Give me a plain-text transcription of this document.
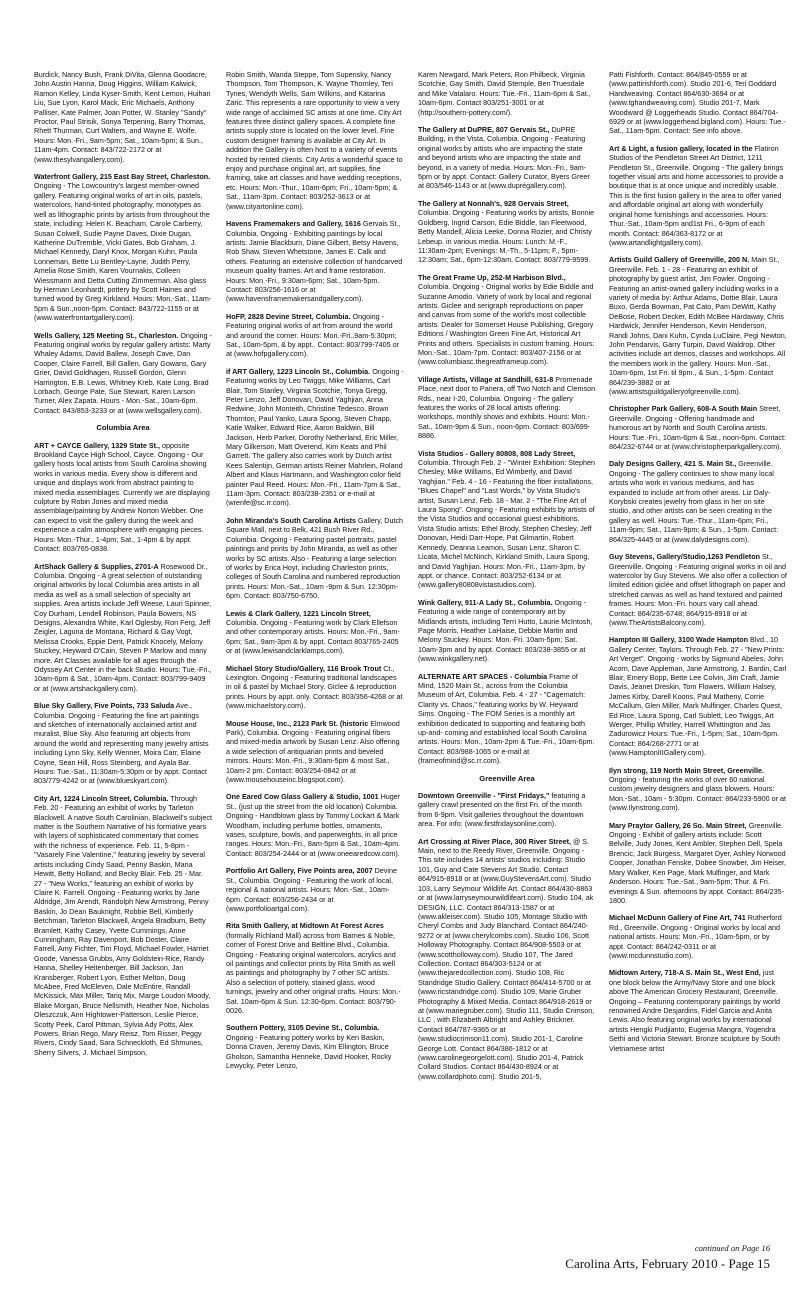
Burdick, Nancy Bush, Frank DiVita, Glenna Goodacre, John Austin Hanna, Doug Higgins, William Kalwick, Ramon Kelley, Linda Kyser-Smith, Kent Lemon, Huihan Liu, Sue Lyon, Karol Mack, Eric Michaels, Anthony Palliser, Kate Palmer, Joan Potter, W. Stanley "Sandy" Proctor, Paul Strisik, Sonya Terpening, Barry Thomas, Rhett Thurman, Curt Walters, and Wayne E. Wolfe. Hours: Mon.-Fri., 9am-5pm; Sat., 10am-5pm; & Sun., 11am-4pm. Contact: 843/722-2172 or at (www.thesylvangallery.com).
Waterfront Gallery, 215 East Bay Street, Charleston. Ongoing - The Lowcountry's largest member-owned gallery. Featuring original works of art in oils, pastels, watercolors, hand-tinted photography, monotypes as well as lithographic prints by artists from throughout the state, including: Helen K. Beacham, Carole Carberry, Susan Colwell, Sudie Payne Daves, Dixie Dugan, Katherine DuTremble, Vicki Gates, Bob Graham, J. Michael Kennedy, Daryl Knox, Morgan Kuhn, Paula Lonneman, Bette Lu Bentley-Layne, Judith Perry, Amelia Rose Smith, Karen Vournakis, Colleen Wiessmann and Detta Cutting Zimmerman. Also glass by Herman Leonhardt, pottery by Scott Haines and turned wood by Greg Kirkland. Hours: Mon.-Sat., 11am-5pm & Sun.,noon-5pm. Contact: 843/722-1155 or at (www.waterfrontartgallery.com).
Wells Gallery, 125 Meeting St., Charleston. Ongoing - Featuring original works by regular gallery artists: Marty Whaley Adams, David Ballew, Joseph Cave, Dan Cooper, Claire Farrell, Bill Gallen, Gary Gowans, Gary Grier, David Goldhagen, Russell Gordon, Glenn Harrington, E.B. Lewis, Whitney Kreb, Kate Long, Brad Lorbach, George Pate, Sue Stewart, Karen Larson Turner, Alex Zapata. Hours - Mon.-Sat., 10am-6pm. Contact: 843/853-3233 or at (www.wellsgallery.com).
Columbia Area
ART + CAYCE Gallery, 1329 State St., opposite Brookland Cayce High School, Cayce. Ongoing - Our gallery hosts local artists from South Carolina showing works in various media. Every show is different and unique and displays work from abstract painting to mixed media assemblages. Currently we are displaying culpture by Robin Jones and mixed media assemblage/painting by Andrew Norton Webber. One can expect to visit the gallery during the week and experience a calm atmosphere with engaging pieces. Hours: Mon.-Thur., 1-4pm; Sat., 1-4pm & by appt. Contact: 803/765-0838.
ArtShack Gallery & Supplies, 2701-A Rosewood Dr., Columbia. Ongoing - A great selection of outstanding original artworks by local Columbia area artists in all media as well as a small selection of specialty art supplies. Area artists include Jeff Weese, Lauri Spinner, Coy Durham, Lendell Robinson, Paula Bowers, NS Designs, Alexandra White, Karl Oglesby, Ron Ferg, Jeff Zeigler, Laguna de Montana, Richard & Gay Vogt, Melissa Crooks, Eppie Dent, Patrick Knocely, Melony Stuckey, Heyward O'Cain, Steven P Marlow and many more. Art Classes available for all ages through the Odyssey Art Center in the back Studio. Hours: Tue.-Fri., 10am-6pm & Sat., 10am-4pm. Contact: 803/799-9409 or at (www.artshackgallery.com).
Blue Sky Gallery, Five Points, 733 Saluda Ave., Columbia. Ongoing - Featuring the fine art paintings and sketches of internationally acclaimed artist and muralist, Blue Sky. Also featuring art objects from around the world and representing many jewelry artists including Lynn Sky, Kelly Wenner, Moira Carr, Elaine Coyne, Sean Hill, Ross Steinberg, and Ayala Bar. Hours: Tue.-Sat., 11:30am-5:30pm or by appt. Contact 803/779-4242 or at (www.blueskyart.com).
City Art, 1224 Lincoln Street, Columbia. Through Feb. 20 - Featuring an exhibit of works by Tarleton Blackwell. A native South Carolinian, Blackwell's subject matter is the Southern Narrative of his formative years with layers of sophisticated commentary that comes with the richness of experience. Feb. 11, 5-8pm - "Vasarely Fine Valentine," featuring jewelry by several artists including Cindy Saad, Penny Baskin, Mana Hewitt, Betty Holland, and Becky Blair. Feb. 25 - Mar. 27 - "New Works," featuring an exhibit of works by Claire K. Farrell. Ongoing - Featuring works by Jane Aldridge, Jim Arendt, Randolph New Armstrong, Penny Baskin, Jo Dean Bauknight, Robbie Bell, Kimberly Betchman, Tarleton Blackwell, Angela Bradburn, Betty Bramlett, Kathy Casey, Yvette Cummings, Anne Cunningham, Ray Davenport, Bob Doster, Claire Farrell, Amy Fichter, Tim Floyd, Michael Fowler, Harriet Goode, Vanessa Grubbs, Amy Goldstein-Rice, Randy Hanna, Shelley Heitenberger, Bill Jackson, Jan Kransberger, Robert Lyon, Esther Melton, Doug McAbee, Fred McEleven, Dale McEntire, Randall McKissick, Max Miller, Tariq Mix, Marge Loudon Moody, Blake Morgan, Bruce Nellsmith, Heather Noe, Nicholas Oleszczuk, Ann Hightower-Patterson, Leslie Pierce, Scotty Peek, Carol Pittman, Sylvia Ady Potts, Alex Powers, Brian Rego, Mary Reisz, Tom Risser, Peggy Rivers, Cindy Saad, Sara Schneckloth, Ed Shmunes, Sherry Silvers, J. Michael Simpson,
Robin Smith, Wanda Steppe, Tom Supensky, Nancy Thompson, Tom Thompson, K. Wayne Thornley, Teri Tynes, Wendyth Wells, Sam Wilkins, and Katarina Zaric. This represents a rare opportunity to view a very wide range of acclaimed SC artists at one time. City Art features three distinct gallery spaces. A complete fine artists supply store is located on the lower level. Fine custom designer framing is available at City Art. In addition the Gallery is often host to a variety of events hosted by rented clients. City Artis a wonderful space to enjoy and purchase original art, art supplies, fine framing, take art classes and have wedding receptions, etc. Hours: Mon.-Thur., 10am-6pm; Fri., 10am-5pm; & Sat., 11am-3pm. Contact: 803/252-3613 or at (www.cityartonline.com).
Havens Framemakers and Gallery, 1616 Gervais St., Columbia. Ongoing - Exhibiting paintings by local artists: Jamie Blackburn, Diane Gilbert, Betsy Havens, Rob Shaw, Steven Whetstone, James E. Calk and others. Featuring an extensive collection of handcarved museum quality frames. Art and frame restoration. Hours: Mon.-Fri., 9:30am-6pm; Sat., 10am-5pm. Contact: 803/256-1616 or at (www.havensframemakersandgallery.com).
HoFP, 2828 Devine Street, Columbia. Ongoing - Featuring original works of art from around the world and around the corner. Hours: Mon.-Fri.,9am-5:30pm; Sat., 10am-5pm, & by appt.. Contact: 803/799-7405 or at (www.hofpgallery.com).
if ART Gallery, 1223 Lincoln St., Columbia. Ongoing - Featuring works by Leo Twiggs, Mike Williams, Carl Blair, Tom Stanley, Virginia Scotchie, Tonya Gregg, Peter Lenzo, Jeff Donovan, David Yaghjian, Anna Redwine, John Monteith, Christine Tedesco, Brown Thornton, Paul Yanko, Laura Spong, Steven Chapp, Katie Walker, Edward Rice, Aaron Baldwin, Bill Jackson, Herb Parker, Dorothy Netherland, Eric Miller, Mary Gilkerson, Matt Overend, Kim Keats and Phil Garrett. The gallery also carries work by Dutch artist Kees Salentijn, German artists Reiner Mahrlein, Roland Albert and Klaus Hartmann, and Washington color field painter Paul Reed. Hours: Mon.-Fri., 11am-7pm & Sat., 11am-3pm. Contact: 803/238-2351 or e-mail at (wrenfe@sc.rr.com).
John Miranda's South Carolina Artists Gallery, Dutch Square Mall, next to Belk, 421 Bush River Rd., Columbia. Ongoing - Featuring pastel portraits, pastel paintings and prints by John Miranda, as well as other works by SC artists. Also - Featuring a large selection of works by Erica Hoyt, including Charleston prints, colleges of South Carolina and numbered reproduction prints. Hours: Mon.-Sat., 10am -9pm & Sun. 12:30pm-6pm. Contact: 803/750-6750.
Lewis & Clark Gallery, 1221 Lincoln Street, Columbia. Ongoing - Featuring work by Clark Ellefson and other contemporary artists. Hours: Mon.-Fri., 9am-6pm; Sat., 9am-3pm & by appt. Contact 803/765-2405 or at (www.lewisandclarklamps.com).
Michael Story Studio/Gallery, 116 Brook Trout Ct., Lexington. Ongoing - Featuring traditional landscapes in oil & pastel by Michael Story. Giclee & reproduction prints. Hours by appt. only. Contact: 803/356-4268 or at (www.michaelstory.com).
Mouse House, Inc., 2123 Park St. (historic Elmwood Park), Columbia. Ongoing - Featuring original fibers and mixed-media artwork by Susan Lenz. Also offering a wide selection of antiquarian prints and beveled mirrors. Hours: Mon.-Fri., 9:30am-5pm & most Sat., 10am-2 pm. Contact: 803/254-0842 or at (www.mousehouseinc.blogspot.com).
One Eared Cow Glass Gallery & Studio, 1001 Huger St., (just up the street from the old location) Columbia. Ongoing - Handblown glass by Tommy Lockart & Mark Woodham, including perfume bottles, ornaments, vases, sculpture, bowls, and paperweights, in all price ranges. Hours: Mon.-Fri., 8am-5pm & Sat., 10am-4pm. Contact: 803/254-2444 or at (www.oneearedcow.com).
Portfolio Art Gallery, Five Points area, 2007 Devine St., Columbia. Ongoing - Featuring the work of local, regional & national artists. Hours: Mon.-Sat., 10am-6pm. Contact: 803/256-2434 or at (www.portfolioartgal.com).
Rita Smith Gallery, at Midtown At Forest Acres (formally Richland Mall) across from Barnes & Noble, corner of Forest Drive and Beltline Blvd., Columbia. Ongoing - Featuring original watercolors, acrylics and oil paintings and collector prints by Rita Smith as well as paintings and photography by 7 other SC artists. Also a selection of pottery, stained glass, wood turnings, jewelry and other original crafts. Hours: Mon.-Sat. 10am-6pm & Sun. 12:30-6pm. Contact: 803/790- 0026.
Southern Pottery, 3105 Devine St., Columbia. Ongoing - Featuring pottery works by Ken Baskin, Donna Craven, Jeremy Davis, Kim Ellington, Bruce Gholson, Samantha Henneke, David Hooker, Rocky Lewycky, Peter Lenzo,
Karen Newgard, Mark Peters, Ron Philbeck, Virginia Scotchie, Gay Smith, David Stemple, Ben Truesdale and Mike Vatalaro. Hours: Tue.-Fri., 11am-6pm & Sat., 10am-6pm. Contact 803/251-3001 or at (http://southern-pottery.com/).
The Gallery at DuPRE, 807 Gervais St., DuPRE Building, in the Vista, Columbia. Ongoing - Featuring original works by artists who are impacting the state and beyond artists who are impacting the state and beyond, in a variety of media. Hours: Mon.-Fri., 9am-5pm or by appt. Contact: Gallery Curator, Byers Greer at 803/546-1143 or at (www.duprégallery.com).
The Gallery at Nonnah's, 928 Gervais Street, Columbia. Ongoing - Featuring works by artists, Bonnie Goldberg, Ingrid Carson, Edie Biddle, Ian Fleetwood, Betty Mandell, Alicia Leeke, Donna Rozier, and Christy Lebeup. in various media. Hours: Lunch: M.-F., 11:30am-2pm; Evenings: M.-Th., 5-11pm; F., 5pm-12:30am; Sat., 6pm-12:30am. Contact: 803/779-9599.
The Great Frame Up, 252-M Harbison Blvd., Columbia. Ongoing - Original works by Edie Biddle and Suzanne Amodio. Variety of work by local and regional artists. Giclee and serigraph reproductions on paper and canvas from some of the world's most collectible artists. Dealer for Somerset House Publishing, Gregory Editions / Washington Green Fine Art, Historical Art Prints and others. Specialists in custom framing. Hours: Mon.-Sat., 10am-7pm. Contact: 803/407-2156 or at (www.columbiasc.thegreatframeup.com).
Village Artists, Village at Sandhill, 631-8 Promenade Place, next door to Panera, off Two Notch and Clemson Rds., near I-20, Columbia. Ongoing - The gallery features the works of 28 local artists offering: workshops, monthly shows and exhibits. Hours: Mon.-Sat., 10am-9pm & Sun., noon-6pm. Contact: 803/699-8886.
Vista Studios - Gallery 80808, 808 Lady Street, Columbia. Through Feb. 2 - "Winter Exhibition: Stephen Chesley, Mike Williams, Ed Wimberly, and David Yaghjian." Feb. 4 - 16 - Featuring the fiber installations, "Blues Chapel" and "Last Words," by Vista Studio's artist, Susan Lenz. Feb. 18 - Mar. 2 - "The Fine Art of Laura Spong". Ongoing - Featuring exhibits by artists of the Vista Studios and occasional guest exhibitions. Vista Studio artists: Ethel Brody, Stephen Chesley, Jeff Donovan, Heidi Darr-Hope, Pat Gilmartin, Robert Kennedy, Deanna Leamon, Susan Lenz, Sharon C. Licata, Michel McNinch, Kirkland Smith, Laura Spong, and David Yaghjian. Hours: Mon.-Fri., 11am-3pm, by appt. or chance. Contact: 803/252-6134 or at (www.gallery80808vistastudios.com).
Wink Gallery, 911-A Lady St., Columbia. Ongoing - Featuring a wide range of contemporary art by Midlands artists, including Terri Hutto, Laurie McIntosh, Page Morris, Heather LaHaise, Debbie Martin and Melony Stuckey. Hours: Mon.-Fri. 10am-5pm; Sat. 10am-3pm and by appt. Contact: 803/238-3855 or at (www.winkgallery.net).
ALTERNATE ART SPACES - Columbia Frame of Mind, 1520 Main St., across from the Columbia Museum of Art, Columbia. Feb. 4 - 27 - "Cagematch: Clarity vs. Chaos," featuring works by W. Heyward Sims. Ongoing - The FOM Series is a monthly art exhibition dedicated to supporting and featuring both up-and- coming and established local South Carolina artists. Hours: Mon., 10am-2pm & Tue.-Fri., 10am-6pm. Contact: 803/988-1065 or e-mail at (frameofmind@sc.rr.com).
Greenville Area
Downtown Greenville - "First Fridays," featuring a gallery crawl presented on the first Fri. of the month from 6-9pm. Visit galleries throughout the downtown area. For info: (www.firstfridaysonline.com).
Art Crossing at River Place, 300 River Street, @ S. Main, next to the Reedy River, Greenville. Ongoing - This site includes 14 artists' studios including: Studio 101, Guy and Cate Stevens Art Studio. Contact 864/915-8918 or at (www.GuyStevensArt.com). Studio 103, Larry Seymour Wildlife Art. Contact 864/430-8863 or at (www.larryseymourwildlifeart.com). Studio 104, ak DESIGN, LLC. Contact 864/313-1587 or at (www.akleiser.com). Studio 105, Montage Studio with Cheryl Combs and Judy Blanchard. Contact 864/240-9272 or at (www.cherylcombs.com). Studio 106, Scott Holloway Photography. Contact 864/908-5503 or at (www.scottholloway.com). Studio 107, The Jared Collection. Contact 864/303-5124 or at (www.thejaredcollection.com). Studio 108, Ric Standridge Studio Gallery. Contact 864/414-5700 or at (www.ricstandridge.com). Studio 109, Marie Gruber Photography & Mixed Media. Contact 864/918-2619 or at (www.mariegruber.com). Studio 111, Studio Crimson, LLC , with Elizabeth Albright and Ashley Brickner. Contact 864/787-9365 or at (www.studiocrimson11.com). Studio 201-1, Caroline George Lott. Contact 864/386-1812 or at (www.carolinegeorgelott.com). Studio 201-4, Patrick Collard Studios. Contact 864/430-8924 or at (www.collardphoto.com). Studio 201-5,
Patti Fishforth. Contact: 864/845-0559 or at (www.pattirishforth.com). Studio 201-6, Teri Goddard Handweaving. Contact 864/630-3694 or at (www.tghandweaving.com). Studio 201-7, Mark Woodward @ Loggerheads Studio. Contact 864/704-6929 or at (www.loggerhead.bigland.com). Hours: Tue.-Sat., 11am-5pm. Contact: See info above.
Art & Light, a fusion gallery, located in the Flatiron Studios of the Pendleton Street Art District, 1211 Pendleton St., Greenville. Ongoing - The gallery brings together visual arts and home accessories to provide a boutique that is at once unique and incredibly usable. This is the first fusion gallery in the area to offer varied and affordable original art along with wonderfully original home furnishings and accessories. Hours: Thur.-Sat., 10am-5pm and1st Fri., 6-9pm of each month. Contact: 864/363-8172 or at (www.artandlightgallery.com).
Artists Guild Gallery of Greenville, 200 N. Main St., Greenville. Feb. 1 - 28 - Featuring an exhibit of photography by guest artist, Jim Fowler. Ongoing - Featuring an artist-owned gallery including works in a variety of media by: Arthur Adams, Dottie Blair, Laura Buxo, Gerda Bowman, Pat Cato, Pam DeWitt, Kathy DeBose, Robert Decker, Edith McBee Hardaway, Chris Hardwick, Jennifer Henderson, Kevin Henderson, Randi Johns, Dani Kuhn, Cynda LuClaire, Pegi Newton, John Pendarvis, Garry Turpin, David Waldrop. Other activities include art demos, classes and workshops. All the members work in the gallery. Hours: Mon.-Sat., 10am-6pm, 1st Fri. til 9pm., & Sun., 1-5pm. Contact 864/239-3882 or at (www.artistsguildgalleryofgreenville.com).
Christopher Park Gallery, 608-A South Main Street, Greenville. Ongoing - Offering handmade and humorous art by North and South Carolina artists. Hours: Tue.-Fri., 10am-6pm & Sat., noon-6pm. Contact: 864/232-6744 or at (www.christopherparkgallery.com).
Daly Designs Gallery, 421 S. Main St., Greenville. Ongoing - The gallery continues to show many local artists who work in various mediums, and has expanded to include art from other areas. Liz Daly-Korybski creates jewelry from glass in her on site studio, and other artists can be seen creating in the gallery as well. Hours: Tue.-Thur., 11am-6pm; Fri., 11am-9pm; Sat., 11am-9pm; & Sun., 1-5pm. Contact: 864/325-4445 or at (www.dalydesigns.com).
Guy Stevens, Gallery/Studio,1263 Pendleton St., Greenville. Ongoing - Featuring original works in oil and watercolor by Guy Stevens. We also offer a collection of limited edition giclée and offset lithograph on paper and stretched canvas as well as hand textured and painted frames. Hours: Mon.-Fri. hours vary call ahead. Contact: 864/235-6748; 864/915-8918 or at (www.TheArtistsBalcony.com).
Hampton III Gallery, 3100 Wade Hampton Blvd., 10 Gallery Center, Taylors. Through Feb. 27 - "New Prints: Art Verget". Ongoing - works by Sigmund Abeles, John Acorn, Dave Appleman, Jane Armstrong, J. Bardin, Carl Blair, Emery Bopp, Bette Lee Colvin, Jim Craft, Jamie Davis, Jeanet Dreskin, Tom Flowers, William Halsey, James Kirby, Darell Koons, Paul Matheny, Corrie McCallum, Glen Miller, Mark Mulfinger, Charles Quest, Ed Rice, Laura Spong, Carl Sublett, Leo Twiggs, Art Werger, Phillip Whitley, Harrell Whittington and Jas Zadurowicz Hours: Tue.-Fri., 1-5pm; Sat., 10am-5pm. Contact: 864/268-2771 or at (www.HamptonIIIGallery.com).
Ilyn strong, 119 North Main Street, Greenville. Ongoing - featuring the works of over 60 national custom jewelry designers and glass blowers. Hours: Mon.-Sat., 10am - 5:30pm. Contact: 864/233-5900 or at (www.Ilynstrong.com).
Mary Praytor Gallery, 26 So. Main Street, Greenville. Ongoing - Exhibit of gallery artists include: Scott Belville, Judy Jones, Kent Ambler, Stephen Dell, Spela Brencic, Jack Burgess, Margaret Dyer, Ashley Norwood Cooper, Jonathan Fenske, Dobee Snowber, Jim Heiser, Mary Walker, Ken Page, Mark Mulfinger, and Mark Anderson. Hours: Tue.-Sat., 9am-5pm; Thur. & Fri. evenings & Sun. afternoons by appt. Contact: 864/235-1800.
Michael McDunn Gallery of Fine Art, 741 Rutherford Rd., Greenville. Ongoing - Original works by local and national artists. Hours: Mon.-Fri., 10am-5pm, or by appt. Contact: 864/242-0311 or at (www.mcdunnstudio.com).
Midtown Artery, 718-A S. Main St., West End, just one block below the Army/Navy Store and one block above The American Grocery Restaurant, Greenville. Ongoing – Featuring contemporary paintings by world renowned Andre Desjardins, Fidel Garcia and Anita Lewis. Also featuring original works by international artists Hengki Pudjianto, Eugenia Mangra, Yogendra Sethi and Victoria Stewart. Bronze sculpture by South Vietnamese artist
continued on Page 16
Carolina Arts, February 2010 - Page 15
